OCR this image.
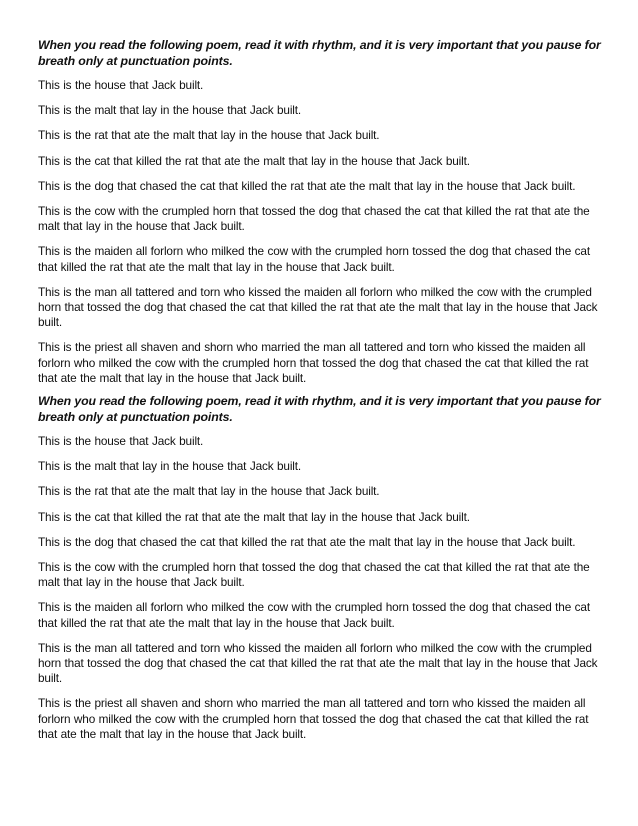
When you read the following poem, read it with rhythm, and it is very important that you pause for breath only at punctuation points.

This is the house that Jack built.

This is the malt that lay in the house that Jack built.

This is the rat that ate the malt that lay in the house that Jack built.

This is the cat that killed the rat that ate the malt that lay in the house that Jack built.

This is the dog that chased the cat that killed the rat that ate the malt that lay in the house that Jack built.

This is the cow with the crumpled horn that tossed the dog that chased the cat that killed the rat that ate the malt that lay in the house that Jack built.

This is the maiden all forlorn who milked the cow with the crumpled horn tossed the dog that chased the cat that killed the rat that ate the malt that lay in the house that Jack built.

This is the man all tattered and torn who kissed the maiden all forlorn who milked the cow with the crumpled horn that tossed the dog that chased the cat that killed the rat that ate the malt that lay in the house that Jack built.

This is the priest all shaven and shorn who married the man all tattered and torn who kissed the maiden all forlorn who milked the cow with the crumpled horn that tossed the dog that chased the cat that killed the rat that ate the malt that lay in the house that Jack built.

When you read the following poem, read it with rhythm, and it is very important that you pause for breath only at punctuation points.

This is the house that Jack built.

This is the malt that lay in the house that Jack built.

This is the rat that ate the malt that lay in the house that Jack built.

This is the cat that killed the rat that ate the malt that lay in the house that Jack built.

This is the dog that chased the cat that killed the rat that ate the malt that lay in the house that Jack built.

This is the cow with the crumpled horn that tossed the dog that chased the cat that killed the rat that ate the malt that lay in the house that Jack built.

This is the maiden all forlorn who milked the cow with the crumpled horn tossed the dog that chased the cat that killed the rat that ate the malt that lay in the house that Jack built.

This is the man all tattered and torn who kissed the maiden all forlorn who milked the cow with the crumpled horn that tossed the dog that chased the cat that killed the rat that ate the malt that lay in the house that Jack built.

This is the priest all shaven and shorn who married the man all tattered and torn who kissed the maiden all forlorn who milked the cow with the crumpled horn that tossed the dog that chased the cat that killed the rat that ate the malt that lay in the house that Jack built.
